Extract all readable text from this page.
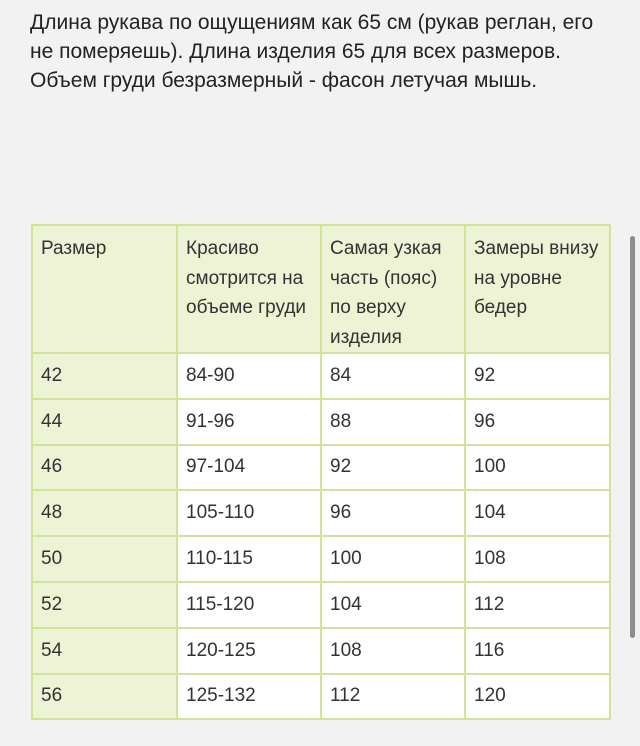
Длина рукава по ощущениям как 65 см (рукав реглан, его не померяешь). Длина изделия 65 для всех размеров. Объем груди безразмерный - фасон летучая мышь.

Размер	Красиво смотрится на объеме груди	Самая узкая часть (пояс) по верху изделия	Замеры внизу на уровне бедер
42	84-90	84	92
44	91-96	88	96
46	97-104	92	100
48	105-110	96	104
50	110-115	100	108
52	115-120	104	112
54	120-125	108	116
56	125-132	112	120
